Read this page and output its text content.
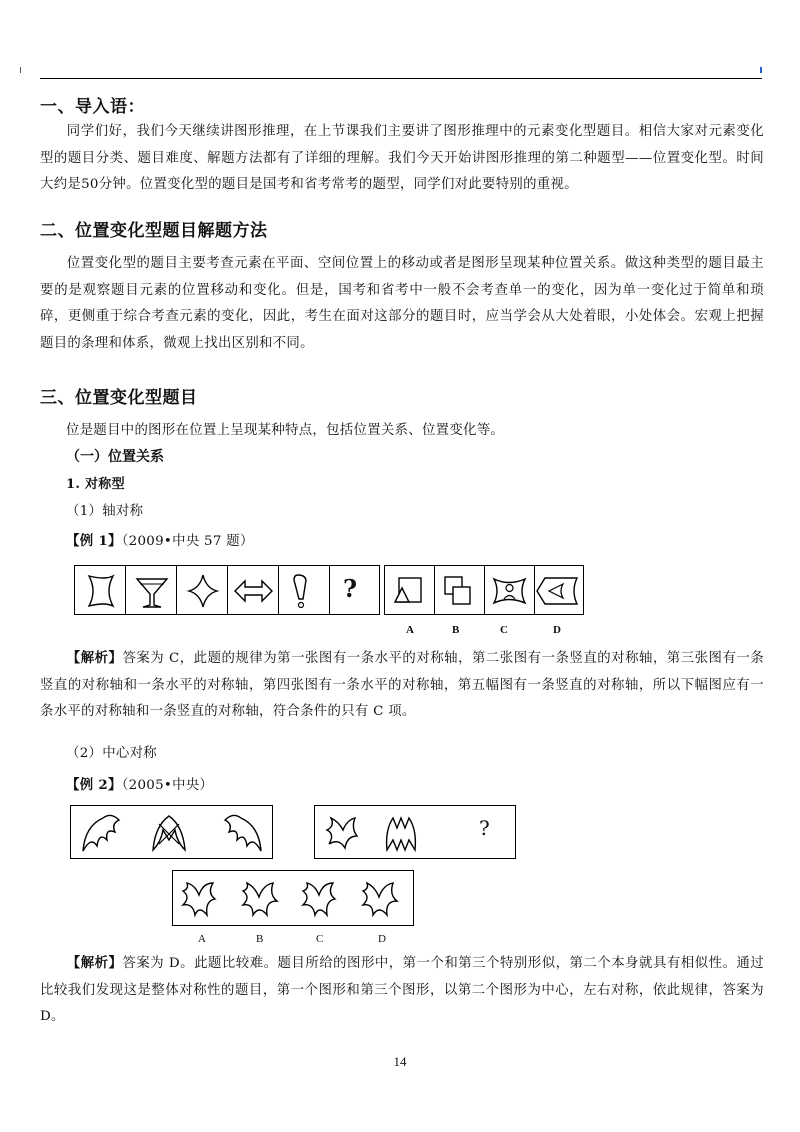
一、导入语：

同学们好，我们今天继续讲图形推理，在上节课我们主要讲了图形推理中的元素变化型题目。相信大家对元素变化型的题目分类、题目难度、解题方法都有了详细的理解。我们今天开始讲图形推理的第二种题型——位置变化型。时间大约是50分钟。位置变化型的题目是国考和省考常考的题型，同学们对此要特别的重视。

二、位置变化型题目解题方法

位置变化型的题目主要考查元素在平面、空间位置上的移动或者是图形呈现某种位置关系。做这种类型的题目最主要的是观察题目元素的位置移动和变化。但是，国考和省考中一般不会考查单一的变化，因为单一变化过于简单和琐碎，更侧重于综合考查元素的变化，因此，考生在面对这部分的题目时，应当学会从大处着眼，小处体会。宏观上把握题目的条理和体系，微观上找出区别和不同。

三、位置变化型题目

位是题目中的图形在位置上呈现某种特点，包括位置关系、位置变化等。

（一）位置关系

1. 对称型

（1）轴对称

【例 1】（2009•中央 57 题）

?
A	B	C	D

【解析】答案为 C，此题的规律为第一张图有一条水平的对称轴，第二张图有一条竖直的对称轴，第三张图有一条竖直的对称轴和一条水平的对称轴，第四张图有一条水平的对称轴，第五幅图有一条竖直的对称轴，所以下幅图应有一条水平的对称轴和一条竖直的对称轴，符合条件的只有 C 项。

（2）中心对称

【例 2】（2005•中央）

?
A	B	C	D

【解析】答案为 D。此题比较难。题目所给的图形中，第一个和第三个特别形似，第二个本身就具有相似性。通过比较我们发现这是整体对称性的题目，第一个图形和第三个图形，以第二个图形为中心，左右对称，依此规律，答案为 D。

14
